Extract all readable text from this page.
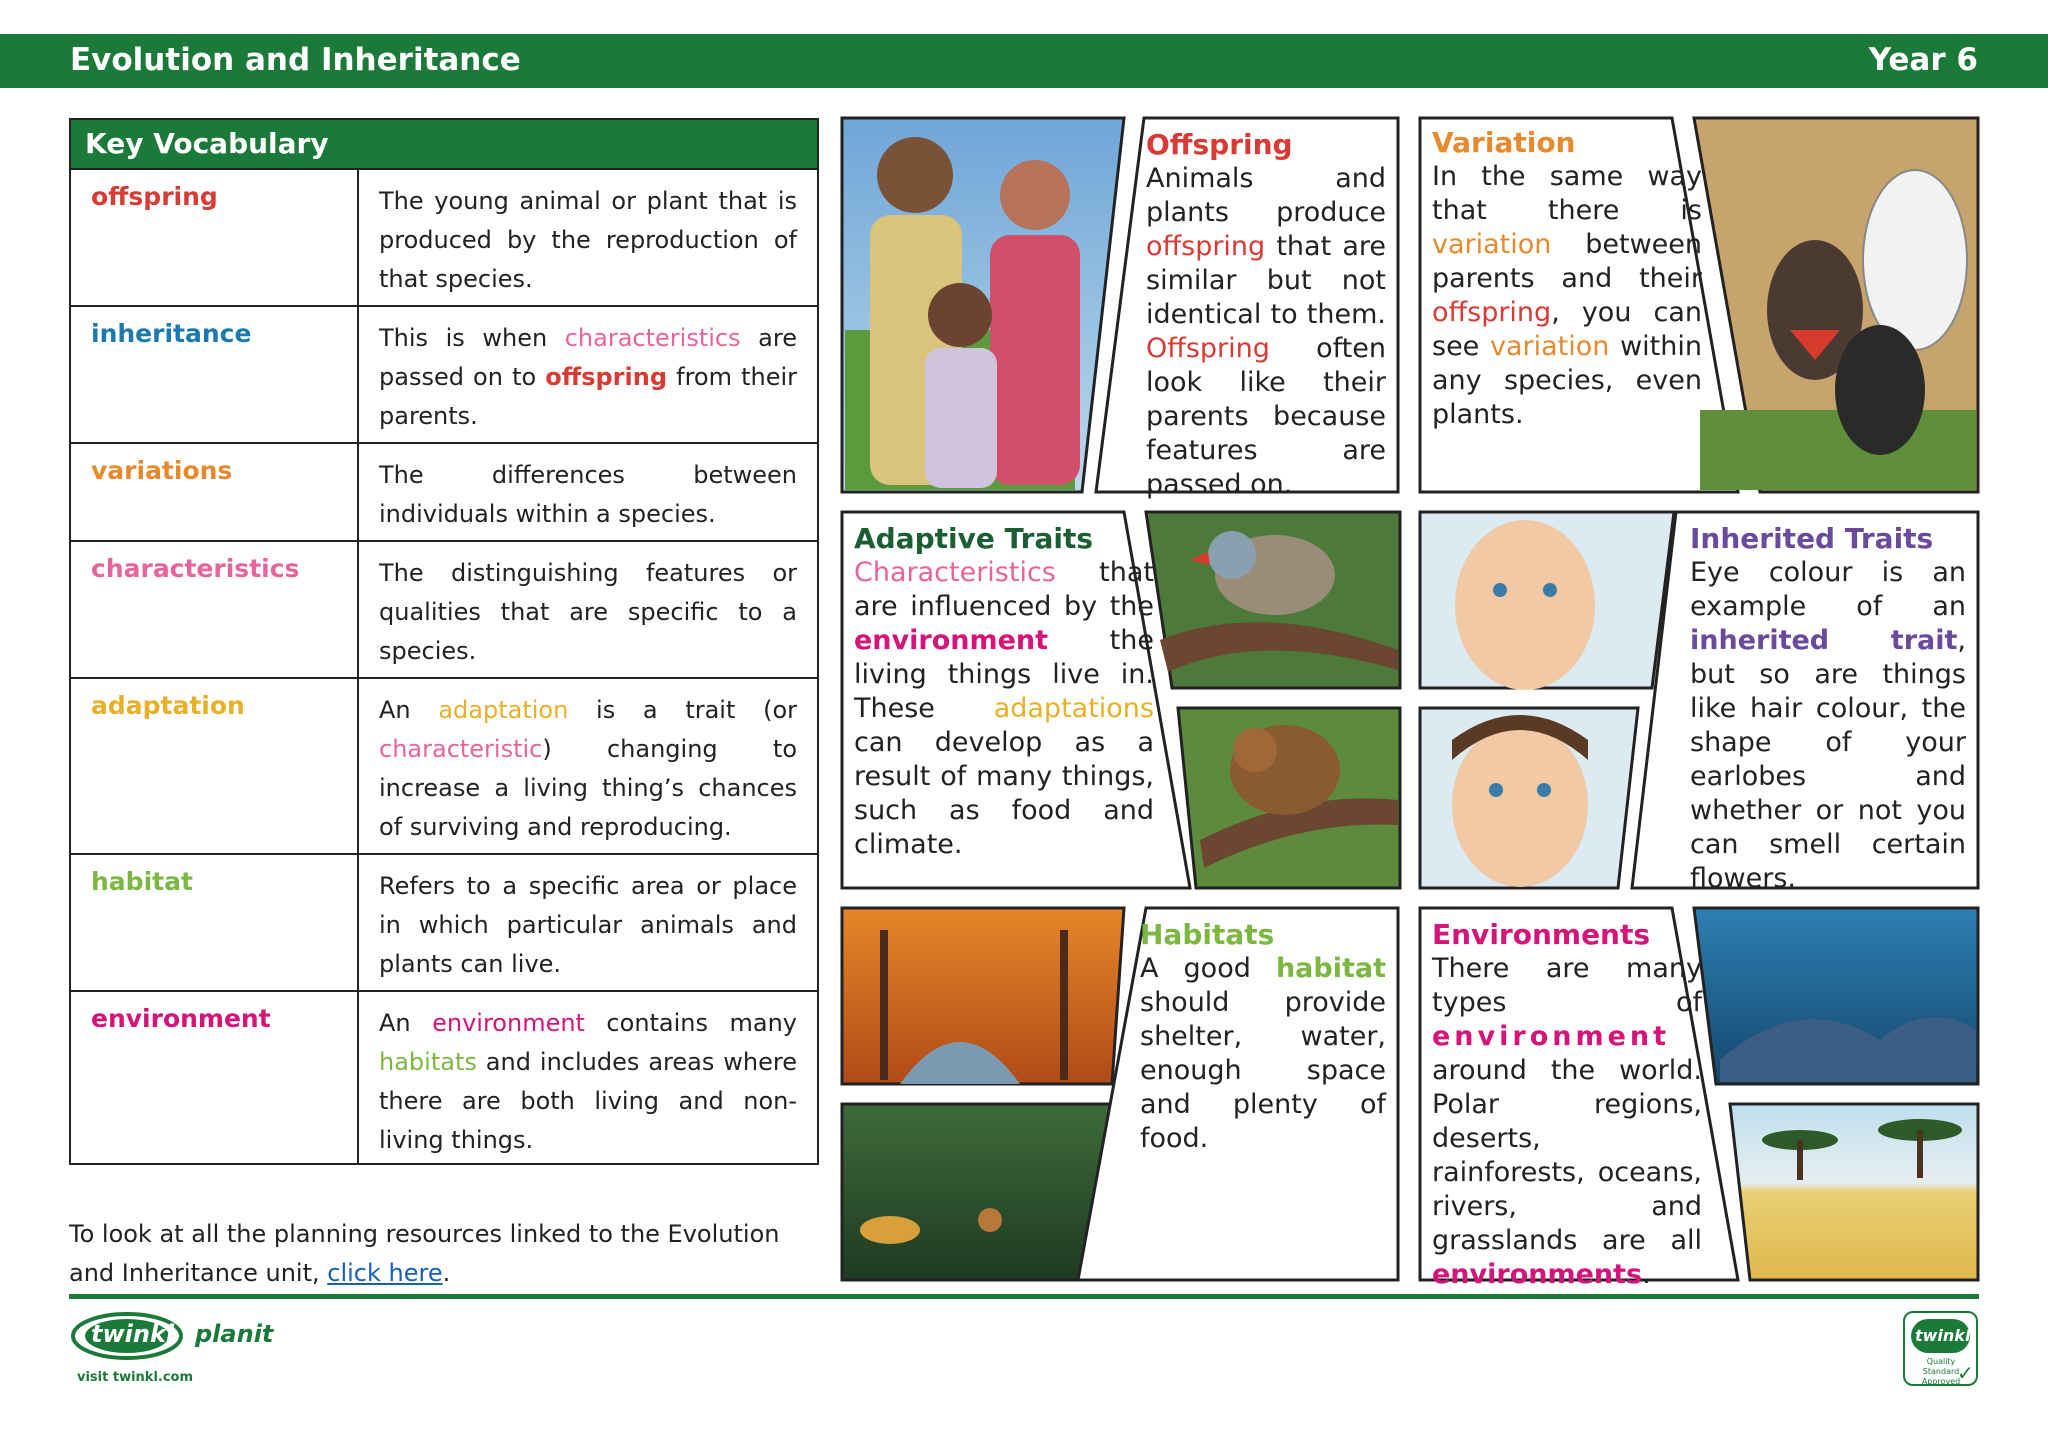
Evolution and Inheritance	Year 6
Key Vocabulary
offspring	The young animal or plant that is produced by the reproduction of that species.
inheritance	This is when characteristics are passed on to offspring from their parents.
variations	The differences between individuals within a species.
characteristics	The distinguishing features or qualities that are specific to a species.
adaptation	An adaptation is a trait (or characteristic) changing to increase a living thing’s chances of surviving and reproducing.
habitat	Refers to a specific area or place in which particular animals and plants can live.
environment	An environment contains many habitats and includes areas where there are both living and non-living things.
To look at all the planning resources linked to the Evolution and Inheritance unit, click here.
Offspring
Animals and plants produce offspring that are similar but not identical to them. Offspring often look like their parents because features are passed on.
Variation
In the same way that there is variation between parents and their offspring, you can see variation within any species, even plants.
Adaptive Traits
Characteristics that are influenced by the environment the living things live in. These adaptations can develop as a result of many things, such as food and climate.
Inherited Traits
Eye colour is an example of an inherited trait, but so are things like hair colour, the shape of your earlobes and whether or not you can smell certain flowers.
Habitats
A good habitat should provide shelter, water, enough space and plenty of food.
Environments
There are many types of environment around the world. Polar regions, deserts, rainforests, oceans, rivers, and grasslands are all environments.
twinkl planit
visit twinkl.com
twinkl
Quality Standard Approved
✓
